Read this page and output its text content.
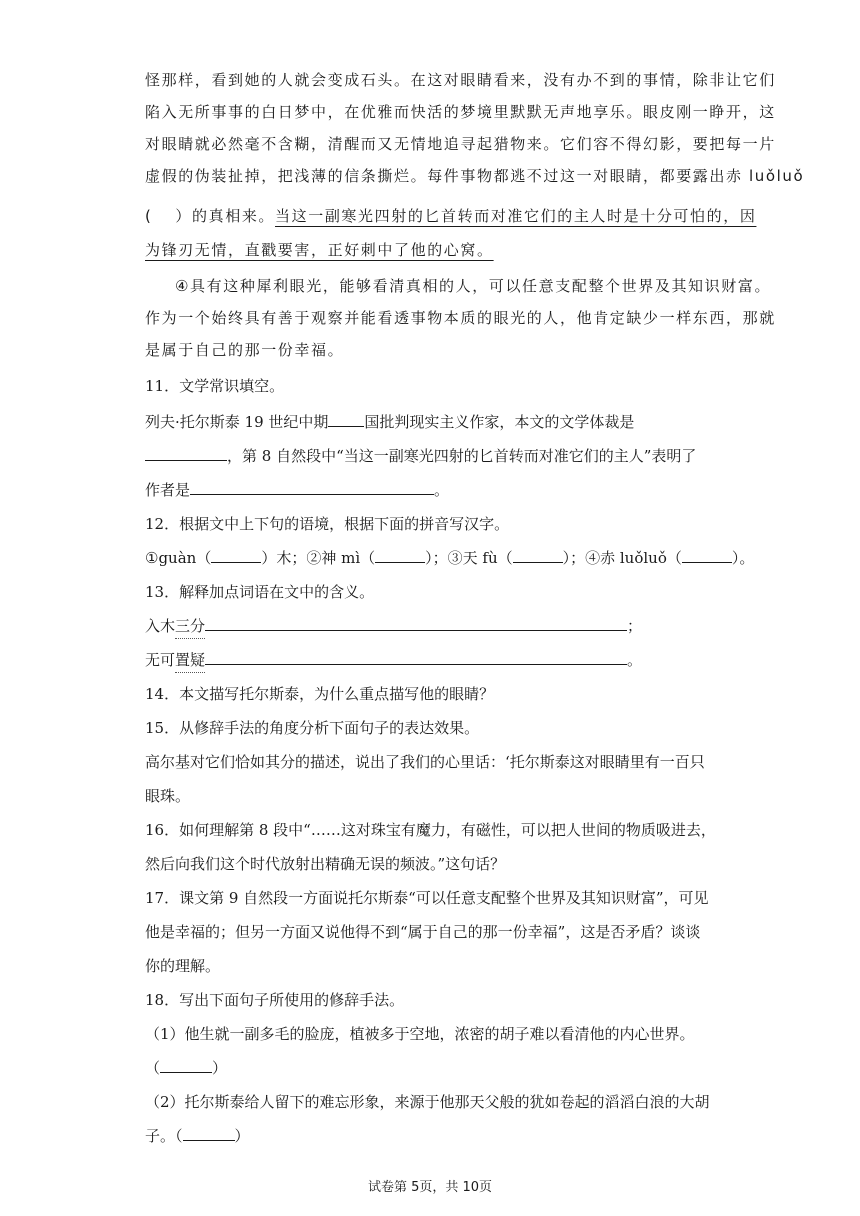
怪那样，看到她的人就会变成石头。在这对眼睛看来，没有办不到的事情，除非让它们
陷入无所事事的白日梦中，在优雅而快活的梦境里默默无声地享乐。眼皮刚一睁开，这
对眼睛就必然毫不含糊，清醒而又无情地追寻起猎物来。它们容不得幻影，要把每一片
虚假的伪装扯掉，把浅薄的信条撕烂。每件事物都逃不过这一对眼睛，都要露出赤 luǒluǒ
(　 ）的真相来。当这一副寒光四射的匕首转而对准它们的主人时是十分可怕的，因
为锋刃无情，直戳要害，正好刺中了他的心窝。
④具有这种犀利眼光，能够看清真相的人，可以任意支配整个世界及其知识财富。
作为一个始终具有善于观察并能看透事物本质的眼光的人，他肯定缺少一样东西，那就
是属于自己的那一份幸福。
11．文学常识填空。
列夫·托尔斯泰 19 世纪中期 国批判现实主义作家，本文的文学体裁是
，第 8 自然段中“当这一副寒光四射的匕首转而对准它们的主人”表明了
作者是	。
12．根据文中上下句的语境，根据下面的拼音写汉字。
①guàn（	）木；②神 mì（	）；③天 fù（	）；④赤 luǒluǒ（	）。
13．解释加点词语在文中的含义。
入木三分	；
无可置疑	。
14．本文描写托尔斯泰，为什么重点描写他的眼睛？
15．从修辞手法的角度分析下面句子的表达效果。
高尔基对它们恰如其分的描述，说出了我们的心里话：‘托尔斯泰这对眼睛里有一百只
眼珠。
16．如何理解第 8 段中“……这对珠宝有魔力，有磁性，可以把人世间的物质吸进去，
然后向我们这个时代放射出精确无误的频波。”这句话？
17．课文第 9 自然段一方面说托尔斯泰“可以任意支配整个世界及其知识财富”，可见
他是幸福的；但另一方面又说他得不到“属于自己的那一份幸福”，这是否矛盾？谈谈
你的理解。
18．写出下面句子所使用的修辞手法。
（1）他生就一副多毛的脸庞，植被多于空地，浓密的胡子难以看清他的内心世界。
（	）
（2）托尔斯泰给人留下的难忘形象，来源于他那天父般的犹如卷起的滔滔白浪的大胡
子。（	）
试卷第 5页，共 10页
